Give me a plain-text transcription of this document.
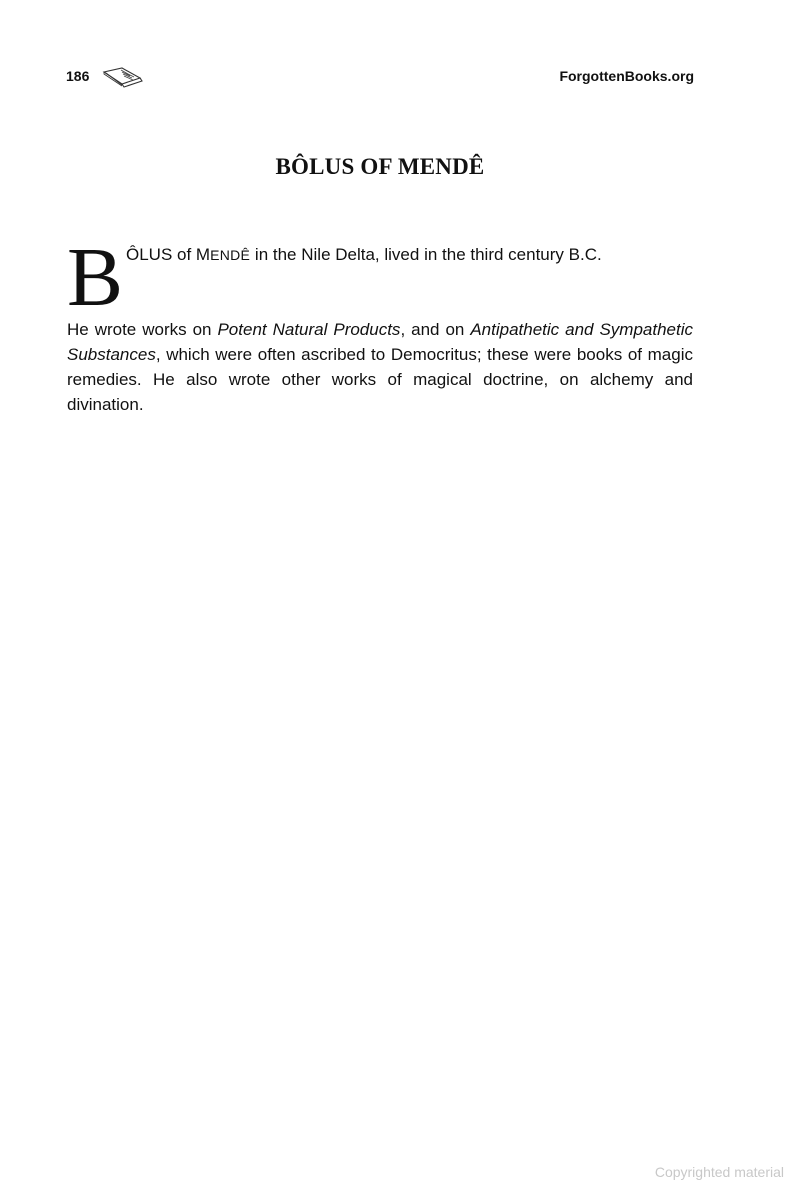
186	ForgottenBooks.org
BÔLUS OF MENDÊ
B ÔLUS of MENDÊ in the Nile Delta, lived in the third century B.C.

He wrote works on Potent Natural Products, and on Antipathetic and Sympathetic Substances, which were often ascribed to Democritus; these were books of magic remedies. He also wrote other works of magical doctrine, on alchemy and divination.

Copyrighted material
